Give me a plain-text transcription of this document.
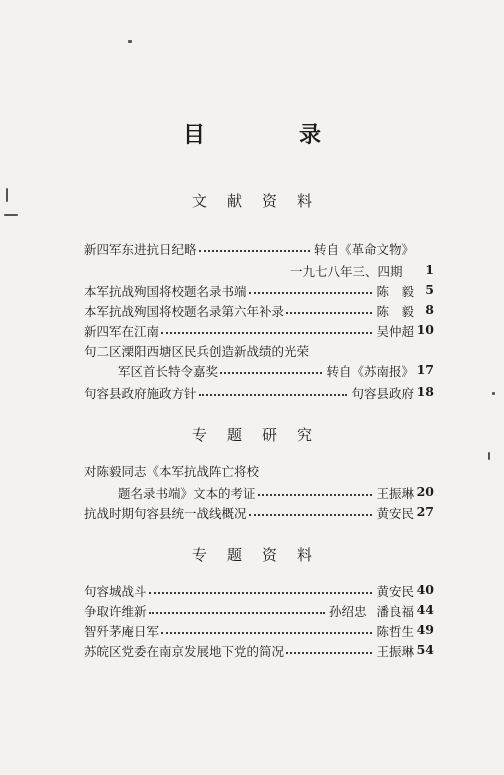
目　录
文献资料
新四军东进抗日纪略	转自《革命文物》
一九七八年三、四期	1
本军抗战殉国将校题名录书端	陈　毅 5
本军抗战殉国将校题名录第六年补录	陈　毅 8
新四军在江南	吴仲超 10
句二区溧阳西塘区民兵创造新战绩的光荣
军区首长特令嘉奖	转自《苏南报》 17
句容县政府施政方针	句容县政府 18
专题研究
对陈毅同志《本军抗战阵亡将校
题名录书端》文本的考证	王振琳 20
抗战时期句容县统一战线概况	黄安民 27
专题资料
句容城战斗	黄安民 40
争取许维新	孙绍忠 潘良福 44
智歼茅庵日军	陈哲生 49
苏皖区党委在南京发展地下党的简况	王振琳 54
